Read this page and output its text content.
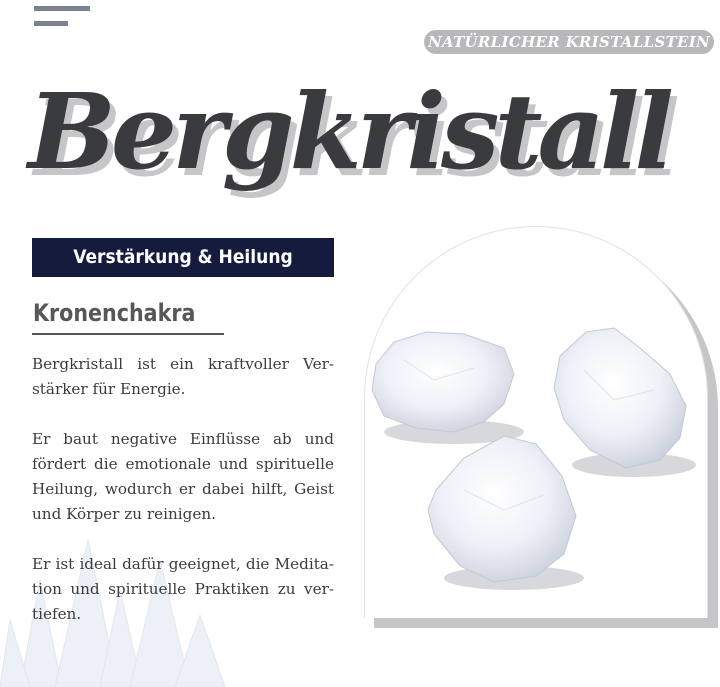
NATÜRLICHER KRISTALLSTEIN
Bergkristall
Verstärkung & Heilung
Kronenchakra

Bergkristall ist ein kraftvoller Verstärker für Energie.

Er baut negative Einflüsse ab und fördert die emotionale und spirituelle Heilung, wodurch er dabei hilft, Geist und Körper zu reinigen.

Er ist ideal dafür geeignet, die Meditation und spirituelle Praktiken zu vertiefen.
